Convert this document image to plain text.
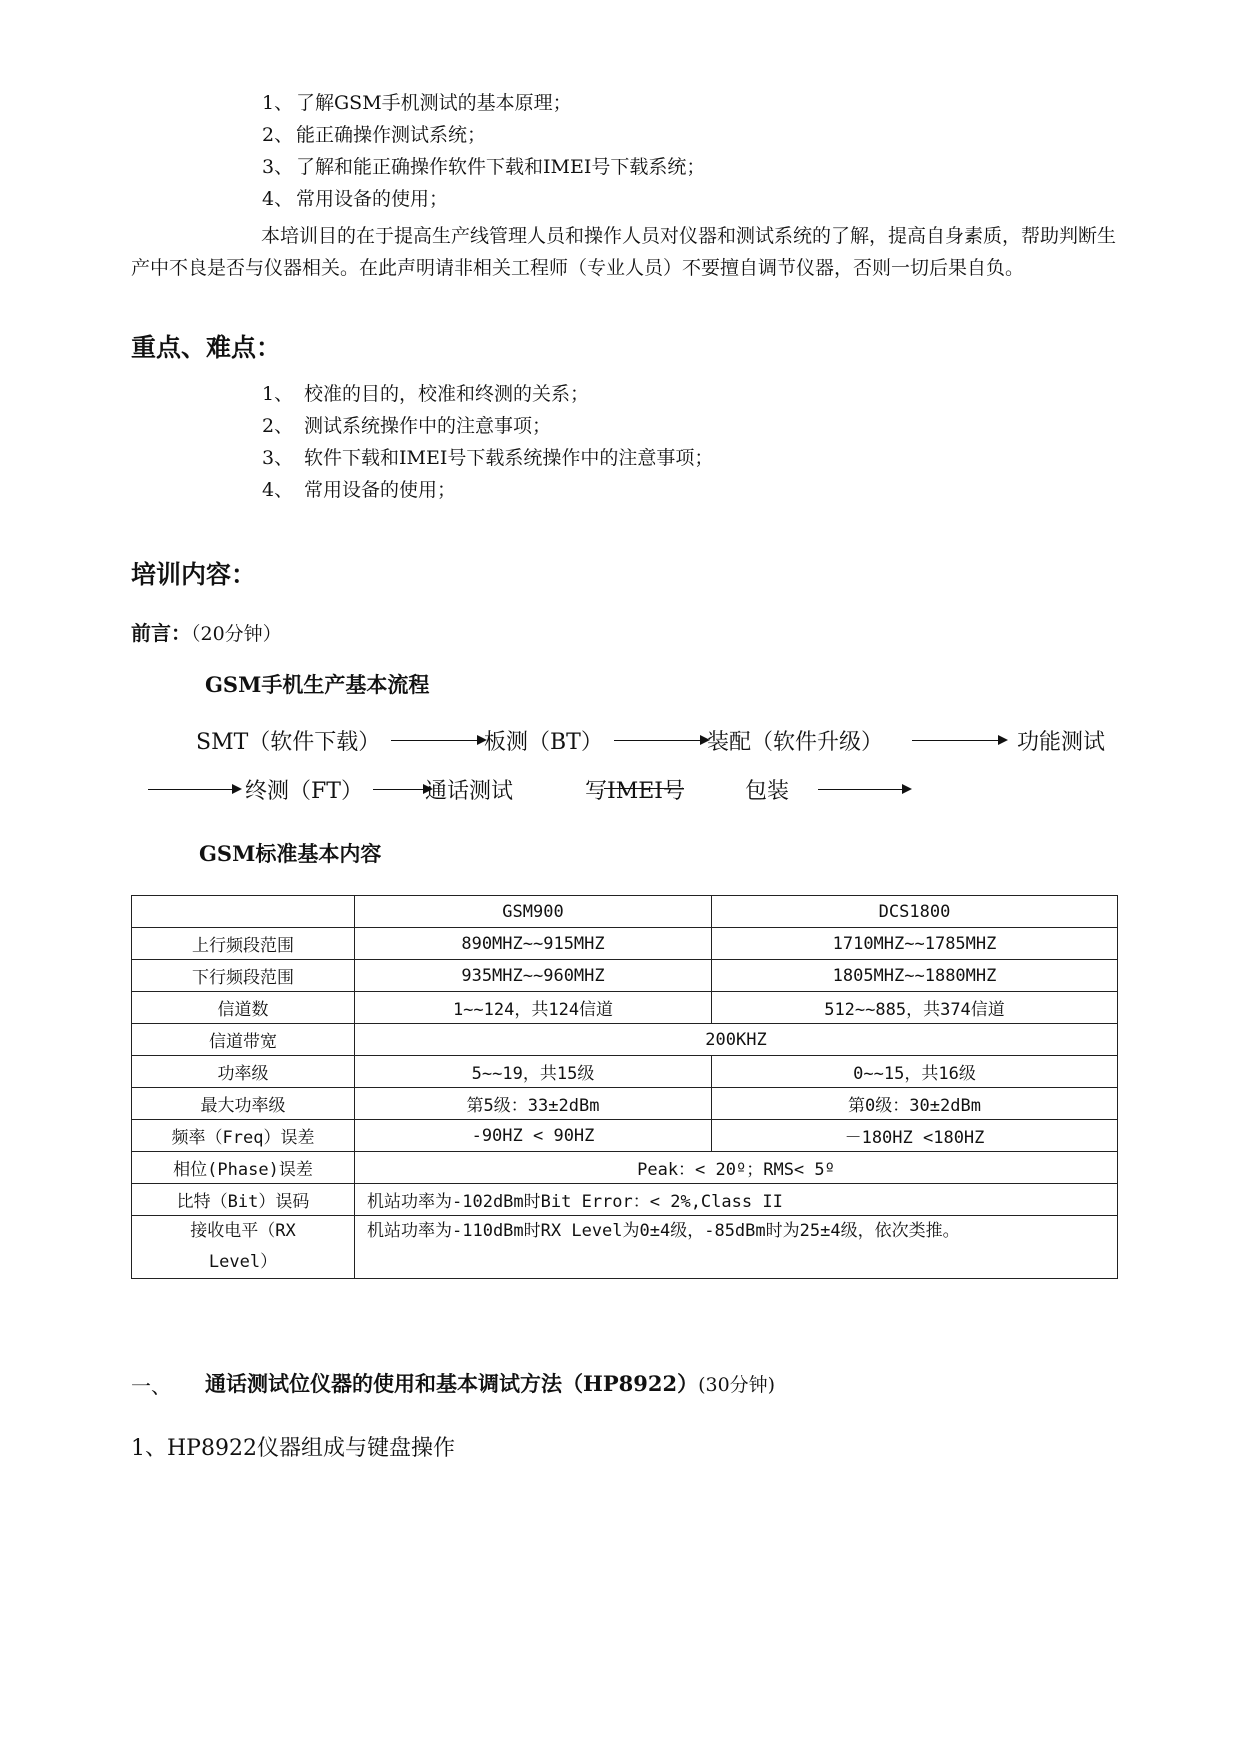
1、 了解GSM手机测试的基本原理；
2、 能正确操作测试系统；
3、 了解和能正确操作软件下载和IMEI号下载系统；
4、 常用设备的使用；
本培训目的在于提高生产线管理人员和操作人员对仪器和测试系统的了解，提高自身素质，帮助判断生产中不良是否与仪器相关。在此声明请非相关工程师（专业人员）不要擅自调节仪器，否则一切后果自负。
重点、难点：
1、 校准的目的，校准和终测的关系；
2、 测试系统操作中的注意事项；
3、 软件下载和IMEI号下载系统操作中的注意事项；
4、 常用设备的使用；
培训内容：
前言：（20分钟）
GSM手机生产基本流程
SMT（软件下载）	板测（BT）	装配（软件升级）	功能测试
终测（FT）	通话测试	写IMEI号	包装
GSM标准基本内容
	GSM900	DCS1800
上行频段范围	890MHZ~~915MHZ	1710MHZ~~1785MHZ
下行频段范围	935MHZ~~960MHZ	1805MHZ~~1880MHZ
信道数	1~~124，共124信道	512~~885，共374信道
信道带宽	200KHZ	
功率级	5~~19，共15级	0~~15，共16级
最大功率级	第5级：33±2dBm	第0级：30±2dBm
频率（Freq）误差	-90HZ < 90HZ	－180HZ <180HZ
相位(Phase)误差	Peak：< 20º；RMS< 5º	
比特（Bit）误码	机站功率为-102dBm时Bit Error：< 2%,Class II	
接收电平（RX
Level）	机站功率为-110dBm时RX Level为0±4级，-85dBm时为25±4级，依次类推。	
一、 通话测试位仪器的使用和基本调试方法（HP8922）(30分钟)
1、HP8922仪器组成与键盘操作
